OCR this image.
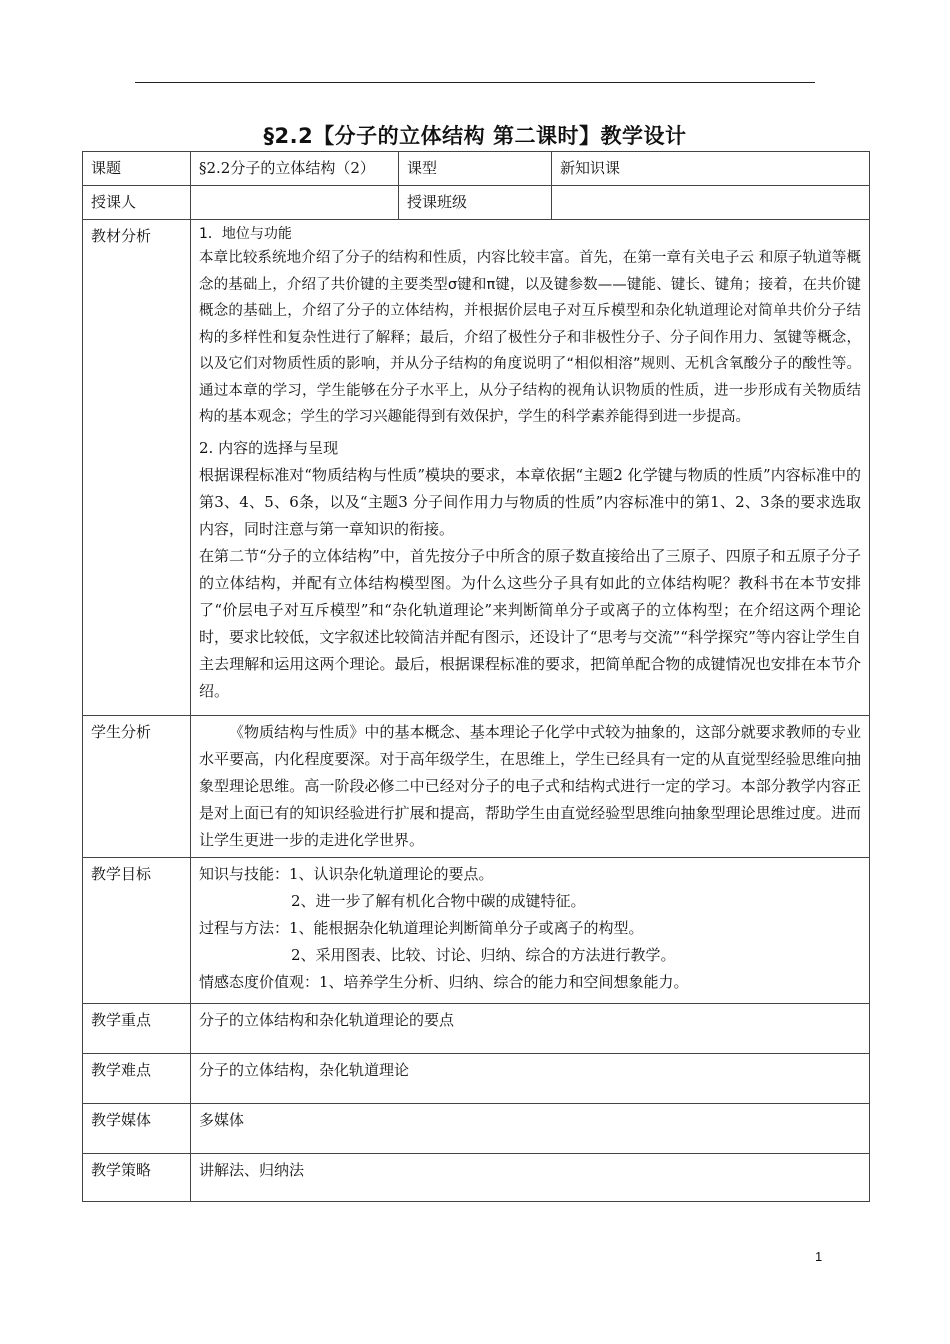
§2.2【分子的立体结构 第二课时】教学设计
课题	§2.2分子的立体结构（2）	课型	新知识课
授课人		授课班级	
教材分析	1．地位与功能

本章比较系统地介绍了分子的结构和性质，内容比较丰富。首先，在第一章有关电子云 和原子轨道等概念的基础上，介绍了共价键的主要类型σ键和π键，以及键参数——键能、键长、键角；接着，在共价键概念的基础上，介绍了分子的立体结构，并根据价层电子对互斥模型和杂化轨道理论对简单共价分子结构的多样性和复杂性进行了解释；最后，介绍了极性分子和非极性分子、分子间作用力、氢键等概念，以及它们对物质性质的影响，并从分子结构的角度说明了“相似相溶”规则、无机含氧酸分子的酸性等。通过本章的学习，学生能够在分子水平上，从分子结构的视角认识物质的性质，进一步形成有关物质结构的基本观念；学生的学习兴趣能得到有效保护，学生的科学素养能得到进一步提高。

2. 内容的选择与呈现

根据课程标准对“物质结构与性质”模块的要求，本章依据“主题2 化学键与物质的性质”内容标准中的第3、4、5、6条，以及“主题3 分子间作用力与物质的性质”内容标准中的第1、2、3条的要求选取内容，同时注意与第一章知识的衔接。

在第二节“分子的立体结构”中，首先按分子中所含的原子数直接给出了三原子、四原子和五原子分子的立体结构，并配有立体结构模型图。为什么这些分子具有如此的立体结构呢？教科书在本节安排了“价层电子对互斥模型”和“杂化轨道理论”来判断简单分子或离子的立体构型；在介绍这两个理论时，要求比较低，文字叙述比较简洁并配有图示，还设计了“思考与交流”“科学探究”等内容让学生自主去理解和运用这两个理论。最后，根据课程标准的要求，把简单配合物的成键情况也安排在本节介绍。		

学生分析	《物质结构与性质》中的基本概念、基本理论子化学中式较为抽象的，这部分就要求教师的专业水平要高，内化程度要深。对于高年级学生，在思维上，学生已经具有一定的从直觉型经验思维向抽象型理论思维。高一阶段必修二中已经对分子的电子式和结构式进行一定的学习。本部分教学内容正是对上面已有的知识经验进行扩展和提高，帮助学生由直觉经验型思维向抽象型理论思维过度。进而让学生更进一步的走进化学世界。		

教学目标	知识与技能：1、认识杂化轨道理论的要点。

2、进一步了解有机化合物中碳的成键特征。

过程与方法：1、能根据杂化轨道理论判断简单分子或离子的构型。

2、采用图表、比较、讨论、归纳、综合的方法进行教学。

情感态度价值观：1、培养学生分析、归纳、综合的能力和空间想象能力。		

教学重点	分子的立体结构和杂化轨道理论的要点		
教学难点	分子的立体结构，杂化轨道理论		
教学媒体	多媒体		
教学策略	讲解法、归纳法		
1
